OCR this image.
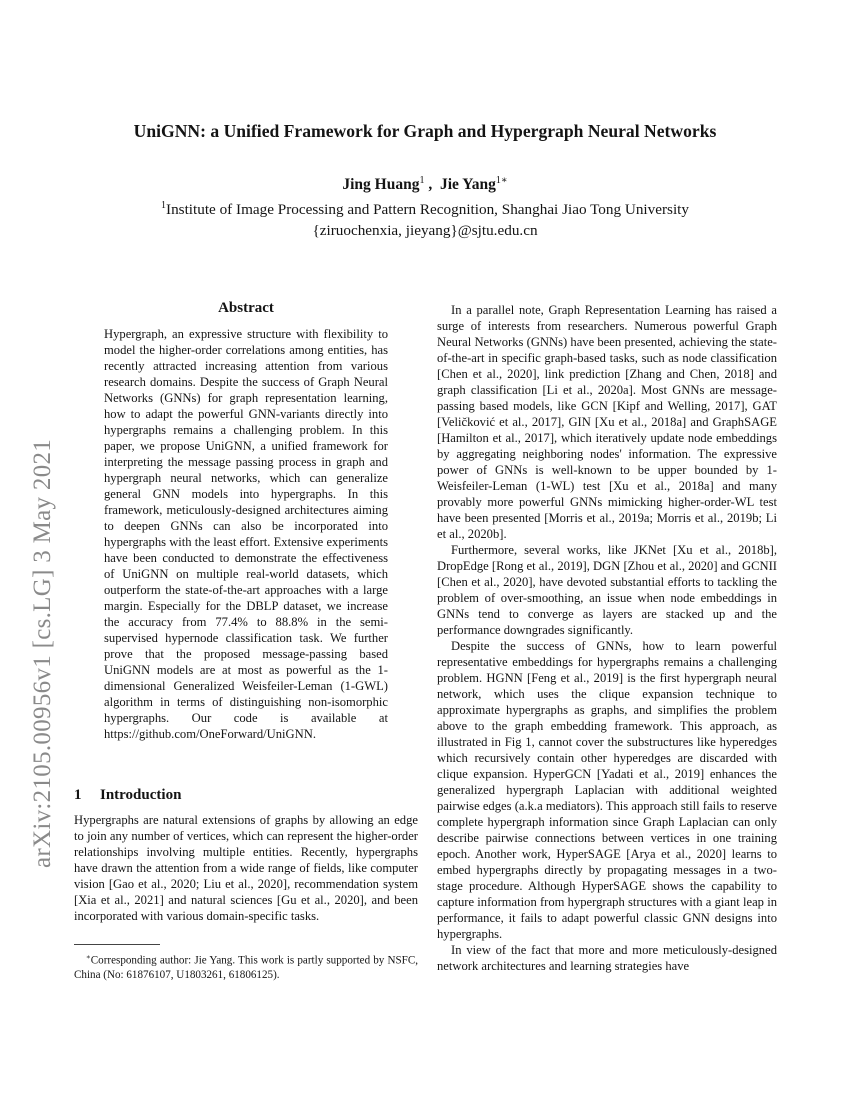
arXiv:2105.00956v1 [cs.LG] 3 May 2021
UniGNN: a Unified Framework for Graph and Hypergraph Neural Networks
Jing Huang$^1$ ,  Jie Yang$^{1∗}$
$^1$Institute of Image Processing and Pattern Recognition, Shanghai Jiao Tong University
{ziruochenxia, jieyang}@sjtu.edu.cn
Abstract

Hypergraph, an expressive structure with flexibility to model the higher-order correlations among entities, has recently attracted increasing attention from various research domains. Despite the success of Graph Neural Networks (GNNs) for graph representation learning, how to adapt the powerful GNN-variants directly into hypergraphs remains a challenging problem. In this paper, we propose UniGNN, a unified framework for interpreting the message passing process in graph and hypergraph neural networks, which can generalize general GNN models into hypergraphs. In this framework, meticulously-designed architectures aiming to deepen GNNs can also be incorporated into hypergraphs with the least effort. Extensive experiments have been conducted to demonstrate the effectiveness of UniGNN on multiple real-world datasets, which outperform the state-of-the-art approaches with a large margin. Especially for the DBLP dataset, we increase the accuracy from 77.4% to 88.8% in the semi-supervised hypernode classification task. We further prove that the proposed message-passing based UniGNN models are at most as powerful as the 1-dimensional Generalized Weisfeiler-Leman (1-GWL) algorithm in terms of distinguishing non-isomorphic hypergraphs. Our code is available at https://github.com/OneForward/UniGNN.

1 Introduction

Hypergraphs are natural extensions of graphs by allowing an edge to join any number of vertices, which can represent the higher-order relationships involving multiple entities. Recently, hypergraphs have drawn the attention from a wide range of fields, like computer vision [Gao et al., 2020; Liu et al., 2020], recommendation system [Xia et al., 2021] and natural sciences [Gu et al., 2020], and been incorporated with various domain-specific tasks.

∗Corresponding author: Jie Yang. This work is partly supported by NSFC, China (No: 61876107, U1803261, 61806125).

In a parallel note, Graph Representation Learning has raised a surge of interests from researchers. Numerous powerful Graph Neural Networks (GNNs) have been presented, achieving the state-of-the-art in specific graph-based tasks, such as node classification [Chen et al., 2020], link prediction [Zhang and Chen, 2018] and graph classification [Li et al., 2020a]. Most GNNs are message-passing based models, like GCN [Kipf and Welling, 2017], GAT [Veličković et al., 2017], GIN [Xu et al., 2018a] and GraphSAGE [Hamilton et al., 2017], which iteratively update node embeddings by aggregating neighboring nodes' information. The expressive power of GNNs is well-known to be upper bounded by 1-Weisfeiler-Leman (1-WL) test [Xu et al., 2018a] and many provably more powerful GNNs mimicking higher-order-WL test have been presented [Morris et al., 2019a; Morris et al., 2019b; Li et al., 2020b].

Furthermore, several works, like JKNet [Xu et al., 2018b], DropEdge [Rong et al., 2019], DGN [Zhou et al., 2020] and GCNII [Chen et al., 2020], have devoted substantial efforts to tackling the problem of over-smoothing, an issue when node embeddings in GNNs tend to converge as layers are stacked up and the performance downgrades significantly.

Despite the success of GNNs, how to learn powerful representative embeddings for hypergraphs remains a challenging problem. HGNN [Feng et al., 2019] is the first hypergraph neural network, which uses the clique expansion technique to approximate hypergraphs as graphs, and simplifies the problem above to the graph embedding framework. This approach, as illustrated in Fig 1, cannot cover the substructures like hyperedges which recursively contain other hyperedges are discarded with clique expansion. HyperGCN [Yadati et al., 2019] enhances the generalized hypergraph Laplacian with additional weighted pairwise edges (a.k.a mediators). This approach still fails to reserve complete hypergraph information since Graph Laplacian can only describe pairwise connections between vertices in one training epoch. Another work, HyperSAGE [Arya et al., 2020] learns to embed hypergraphs directly by propagating messages in a two-stage procedure. Although HyperSAGE shows the capability to capture information from hypergraph structures with a giant leap in performance, it fails to adapt powerful classic GNN designs into hypergraphs.

In view of the fact that more and more meticulously-designed network architectures and learning strategies have
